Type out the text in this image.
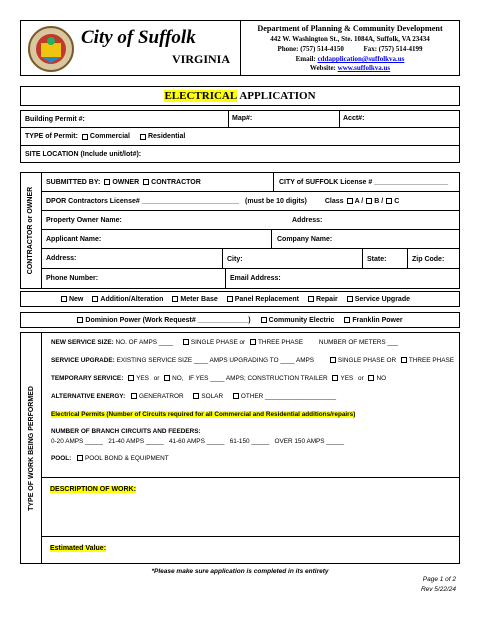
City of Suffolk
VIRGINIA
Department of Planning & Community Development
442 W. Washington St., Ste. 1084A, Suffolk, VA 23434
Phone: (757) 514-4150	Fax: (757) 514-4199
Email: cddapplication@suffolkva.us
Website: www.suffolkva.us
ELECTRICAL APPLICATION
Building Permit #:	Map#:	Acct#:
TYPE of Permit: Commercial	Residential
SITE LOCATION (Include unit/lot#):
CONTRACTOR or OWNER
SUBMITTED BY: OWNER CONTRACTOR	CITY of SUFFOLK License # ___________________
DPOR Contractors License# _________________________ (must be 10 digits)	Class A / B / C
Property Owner Name:	Address:
Applicant Name:	Company Name:
Address:	City:	State:	Zip Code:
Phone Number:	Email Address:
New Addition/Alteration Meter Base Panel Replacement Repair Service Upgrade
Dominion Power (Work Request# _____________)	Community Electric	Franklin Power
TYPE OF WORK BEING PERFORMED
NEW SERVICE SIZE: NO. OF AMPS ____	SINGLE PHASE or THREE PHASE NUMBER OF METERS ___
SERVICE UPGRADE: EXISTING SERVICE SIZE ____ AMPS UPGRADING TO ____ AMPS	SINGLE PHASE OR THREE PHASE
TEMPORARY SERVICE: YES or NO, IF YES ____ AMPS; CONSTRUCTION TRAILER YES or NO
ALTERNATIVE ENERGY: GENERATROR	SOLAR	OTHER ____________________
Electrical Permits (Number of Circuits required for all Commercial and Residential additions/repairs)
NUMBER OF BRANCH CIRCUITS AND FEEDERS:
0-20 AMPS _____   21-40 AMPS _____   41-60 AMPS _____   61-150 _____   OVER 150 AMPS _____
POOL: POOL BOND & EQUIPMENT
DESCRIPTION OF WORK:
Estimated Value:
*Please make sure application is completed in its entirety
Page 1 of 2
Rev 5/22/24
